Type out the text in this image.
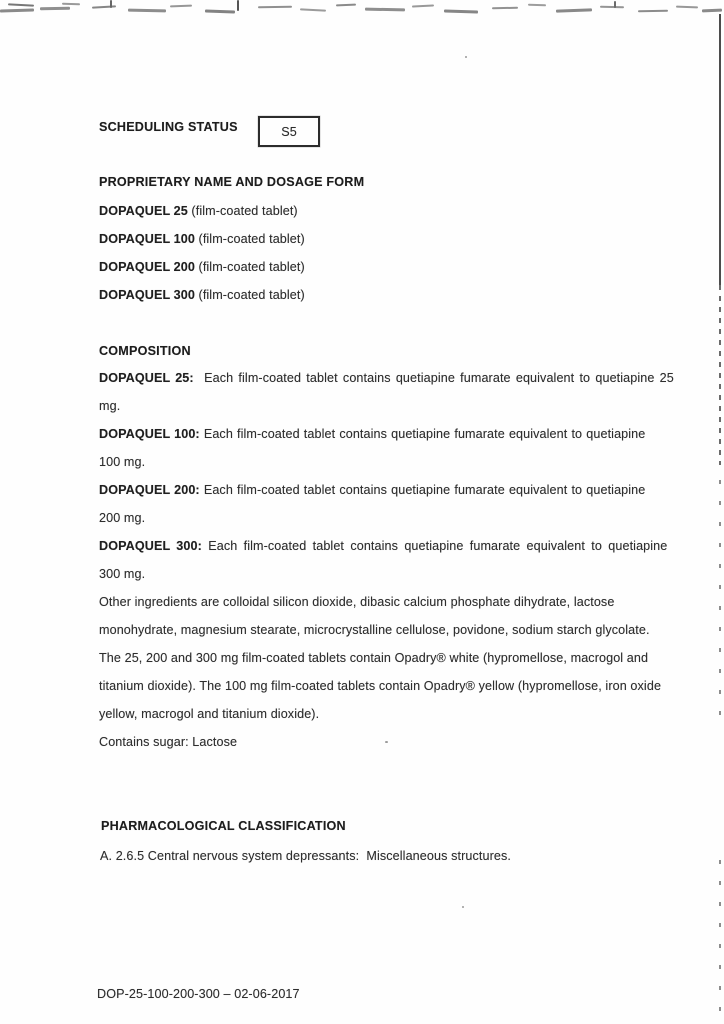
SCHEDULING STATUS	S5
PROPRIETARY NAME AND DOSAGE FORM
DOPAQUEL 25 (film-coated tablet)
DOPAQUEL 100 (film-coated tablet)
DOPAQUEL 200 (film-coated tablet)
DOPAQUEL 300 (film-coated tablet)
COMPOSITION
DOPAQUEL 25:  Each film-coated tablet contains quetiapine fumarate equivalent to quetiapine 25
mg.
DOPAQUEL 100: Each film-coated tablet contains quetiapine fumarate equivalent to quetiapine
100 mg.
DOPAQUEL 200: Each film-coated tablet contains quetiapine fumarate equivalent to quetiapine
200 mg.
DOPAQUEL 300: Each film-coated tablet contains quetiapine fumarate equivalent to quetiapine
300 mg.
Other ingredients are colloidal silicon dioxide, dibasic calcium phosphate dihydrate, lactose
monohydrate, magnesium stearate, microcrystalline cellulose, povidone, sodium starch glycolate.
The 25, 200 and 300 mg film-coated tablets contain Opadry® white (hypromellose, macrogol and
titanium dioxide). The 100 mg film-coated tablets contain Opadry® yellow (hypromellose, iron oxide
yellow, macrogol and titanium dioxide).
Contains sugar: Lactose
PHARMACOLOGICAL CLASSIFICATION
A. 2.6.5 Central nervous system depressants:  Miscellaneous structures.
DOP-25-100-200-300 – 02-06-2017
